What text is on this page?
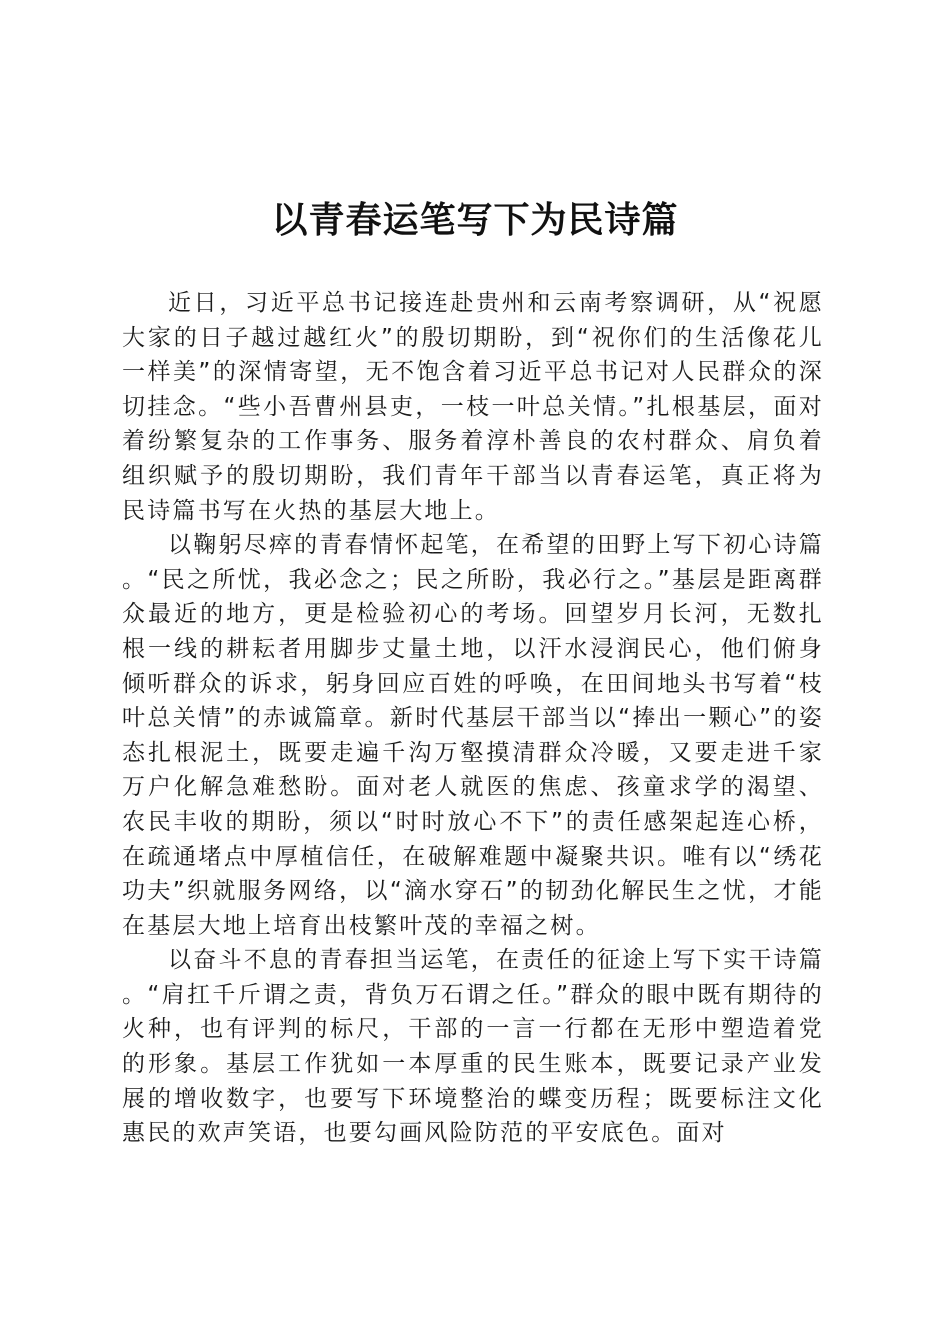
以青春运笔写下为民诗篇

近日，习近平总书记接连赴贵州和云南考察调研，从“祝愿大家的日子越过越红火”的殷切期盼，到“祝你们的生活像花儿一样美”的深情寄望，无不饱含着习近平总书记对人民群众的深切挂念。“些小吾曹州县吏，一枝一叶总关情。”扎根基层，面对着纷繁复杂的工作事务、服务着淳朴善良的农村群众、肩负着组织赋予的殷切期盼，我们青年干部当以青春运笔，真正将为民诗篇书写在火热的基层大地上。

以鞠躬尽瘁的青春情怀起笔，在希望的田野上写下初心诗篇。“民之所忧，我必念之；民之所盼，我必行之。”基层是距离群众最近的地方，更是检验初心的考场。回望岁月长河，无数扎根一线的耕耘者用脚步丈量土地，以汗水浸润民心，他们俯身倾听群众的诉求，躬身回应百姓的呼唤，在田间地头书写着“枝叶总关情”的赤诚篇章。新时代基层干部当以“捧出一颗心”的姿态扎根泥土，既要走遍千沟万壑摸清群众冷暖，又要走进千家万户化解急难愁盼。面对老人就医的焦虑、孩童求学的渴望、农民丰收的期盼，须以“时时放心不下”的责任感架起连心桥，在疏通堵点中厚植信任，在破解难题中凝聚共识。唯有以“绣花功夫”织就服务网络，以“滴水穿石”的韧劲化解民生之忧，才能在基层大地上培育出枝繁叶茂的幸福之树。

以奋斗不息的青春担当运笔，在责任的征途上写下实干诗篇。“肩扛千斤谓之责，背负万石谓之任。”群众的眼中既有期待的火种，也有评判的标尺，干部的一言一行都在无形中塑造着党的形象。基层工作犹如一本厚重的民生账本，既要记录产业发展的增收数字，也要写下环境整治的蝶变历程；既要标注文化惠民的欢声笑语，也要勾画风险防范的平安底色。面对
